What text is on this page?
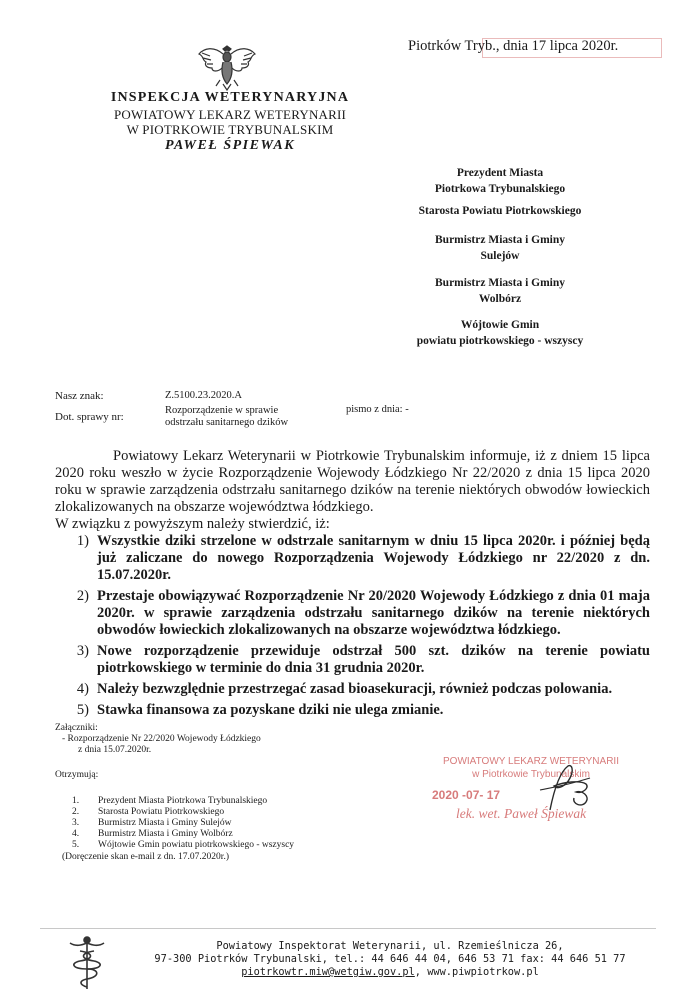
INSPEKCJA WETERYNARYJNA
POWIATOWY LEKARZ WETERYNARII
W PIOTRKOWIE TRYBUNALSKIM
PAWEŁ ŚPIEWAK
Piotrków Tryb., dnia 17 lipca 2020r.
Prezydent Miasta
Piotrkowa Trybunalskiego
Starosta Powiatu Piotrkowskiego
Burmistrz Miasta i Gminy
Sulejów
Burmistrz Miasta i Gminy
Wolbórz
Wójtowie Gmin
powiatu piotrkowskiego - wszyscy
Nasz znak:	Z.5100.23.2020.A
Dot. sprawy nr:
Rozporządzenie w sprawie
odstrzału sanitarnego dzików
pismo z dnia: -
Powiatowy Lekarz Weterynarii w Piotrkowie Trybunalskim informuje, iż z dniem 15 lipca 2020 roku weszło w życie Rozporządzenie Wojewody Łódzkiego Nr 22/2020 z dnia 15 lipca 2020 roku w sprawie zarządzenia odstrzału sanitarnego dzików na terenie niektórych obwodów łowieckich zlokalizowanych na obszarze województwa łódzkiego.
W związku z powyższym należy stwierdzić, iż:
1) Wszystkie dziki strzelone w odstrzale sanitarnym w dniu 15 lipca 2020r. i później będą już zaliczane do nowego Rozporządzenia Wojewody Łódzkiego nr 22/2020 z dn. 15.07.2020r.
2) Przestaje obowiązywać Rozporządzenie Nr 20/2020 Wojewody Łódzkiego z dnia 01 maja 2020r. w sprawie zarządzenia odstrzału sanitarnego dzików na terenie niektórych obwodów łowieckich zlokalizowanych na obszarze województwa łódzkiego.
3) Nowe rozporządzenie przewiduje odstrzał 500 szt. dzików na terenie powiatu piotrkowskiego w terminie do dnia 31 grudnia 2020r.
4) Należy bezwzględnie przestrzegać zasad bioasekuracji, również podczas polowania.
5) Stawka finansowa za pozyskane dziki nie ulega zmianie.
Załączniki:
- Rozporządzenie Nr 22/2020 Wojewody Łódzkiego
z dnia 15.07.2020r.
Otrzymują:
1.	Prezydent Miasta Piotrkowa Trybunalskiego
2.	Starosta Powiatu Piotrkowskiego
3.	Burmistrz Miasta i Gminy Sulejów
4.	Burmistrz Miasta i Gminy Wolbórz
5.	Wójtowie Gmin powiatu piotrkowskiego - wszyscy
(Doręczenie skan e-mail z dn. 17.07.2020r.)
POWIATOWY LEKARZ WETERYNARII
w Piotrkowie Trybunalskim
2020 -07- 17
lek. wet. Paweł Śpiewak
Powiatowy Inspektorat Weterynarii, ul. Rzemieślnicza 26,
97-300 Piotrków Trybunalski, tel.: 44 646 44 04, 646 53 71 fax: 44 646 51 77
piotrkowtr.miw@wetgiw.gov.pl, www.piwpiotrkow.pl
